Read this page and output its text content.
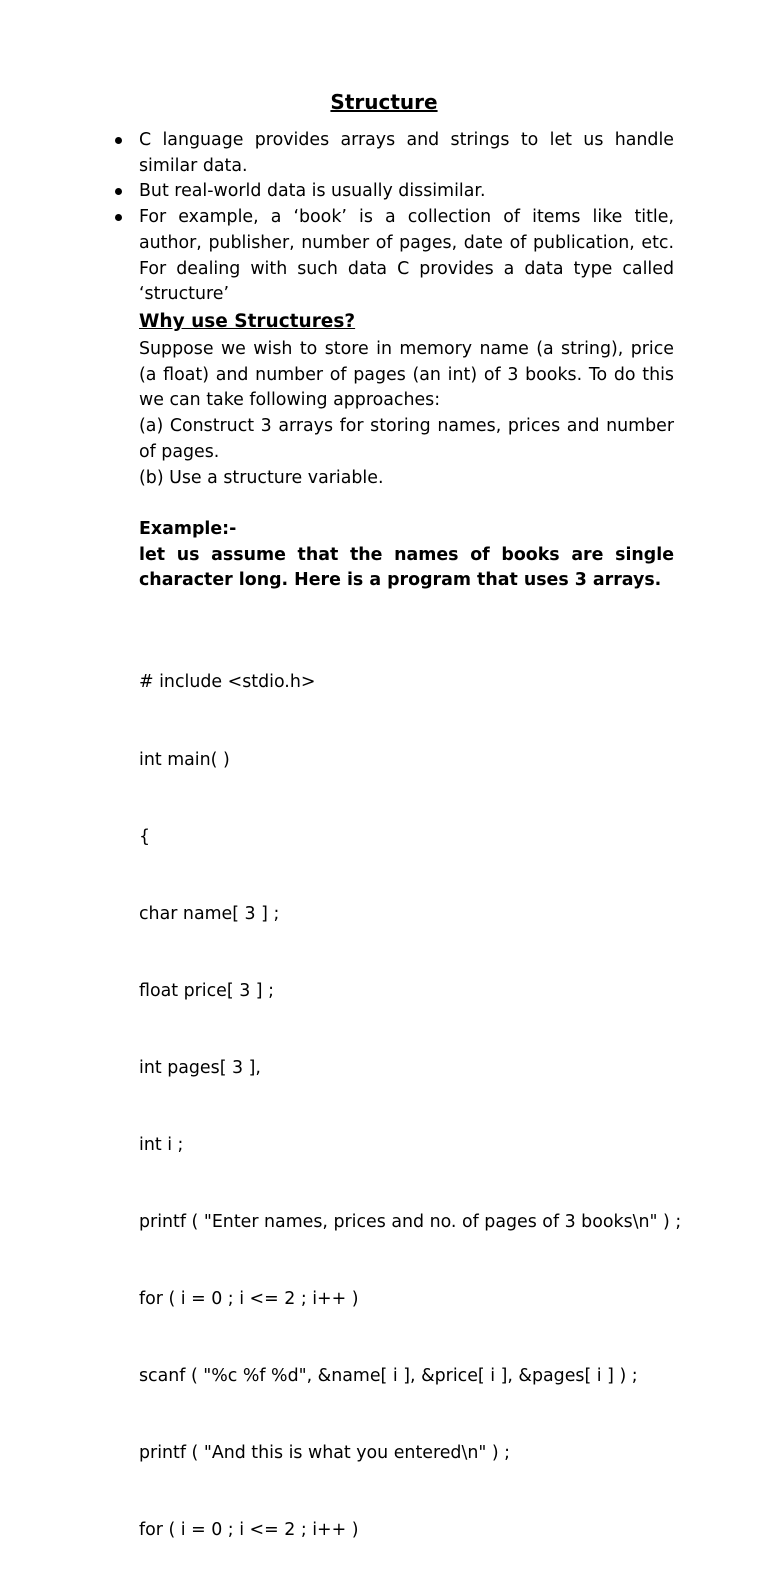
Structure
C language provides arrays and strings to let us handle similar data.
But real-world data is usually dissimilar.
For example, a ‘book’ is a collection of items like title, author, publisher, number of pages, date of publication, etc. For dealing with such data C provides a data type called ‘structure’
Why use Structures?

Suppose we wish to store in memory name (a string), price (a float) and number of pages (an int) of 3 books. To do this we can take following approaches:

(a) Construct 3 arrays for storing names, prices and number of pages.

(b) Use a structure variable.

Example:-

let us assume that the names of books are single character long. Here is a program that uses 3 arrays.

# include <stdio.h>

int main( )

{

char name[ 3 ] ;

float price[ 3 ] ;

int pages[ 3 ],

int i ;

printf ( "Enter names, prices and no. of pages of 3 books\n" ) ;

for ( i = 0 ; i <= 2 ; i++ )

scanf ( "%c %f %d", &name[ i ], &price[ i ], &pages[ i ] ) ;

printf ( "And this is what you entered\n" ) ;

for ( i = 0 ; i <= 2 ; i++ )
